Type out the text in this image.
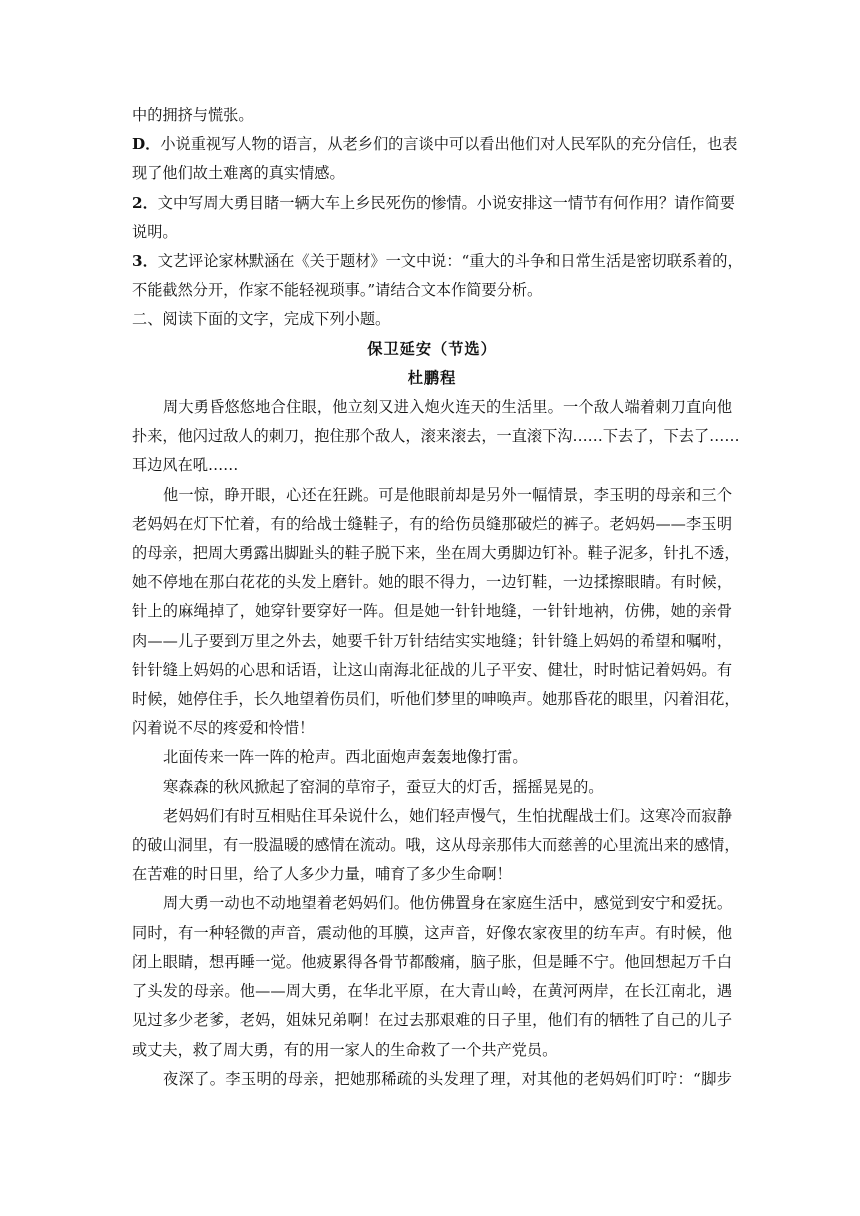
中的拥挤与慌张。

D．小说重视写人物的语言，从老乡们的言谈中可以看出他们对人民军队的充分信任，也表

现了他们故土难离的真实情感。

2．文中写周大勇目睹一辆大车上乡民死伤的惨情。小说安排这一情节有何作用？请作简要

说明。

3．文艺评论家林默涵在《关于题材》一文中说：“重大的斗争和日常生活是密切联系着的，

不能截然分开，作家不能轻视琐事。”请结合文本作简要分析。

二、阅读下面的文字，完成下列小题。

保卫延安（节选）

杜鹏程

周大勇昏悠悠地合住眼，他立刻又进入炮火连天的生活里。一个敌人端着刺刀直向他

扑来，他闪过敌人的刺刀，抱住那个敌人，滚来滚去，一直滚下沟……下去了，下去了……

耳边风在吼……

他一惊，睁开眼，心还在狂跳。可是他眼前却是另外一幅情景，李玉明的母亲和三个

老妈妈在灯下忙着，有的给战士缝鞋子，有的给伤员缝那破烂的裤子。老妈妈——李玉明

的母亲，把周大勇露出脚趾头的鞋子脱下来，坐在周大勇脚边钉补。鞋子泥多，针扎不透，

她不停地在那白花花的头发上磨针。她的眼不得力，一边钉鞋，一边揉擦眼睛。有时候，

针上的麻绳掉了，她穿针要穿好一阵。但是她一针针地缝，一针针地衲，仿佛，她的亲骨

肉——儿子要到万里之外去，她要千针万针结结实实地缝；针针缝上妈妈的希望和嘱咐，

针针缝上妈妈的心思和话语，让这山南海北征战的儿子平安、健壮，时时惦记着妈妈。有

时候，她停住手，长久地望着伤员们，听他们梦里的呻唤声。她那昏花的眼里，闪着泪花，

闪着说不尽的疼爱和怜惜！

北面传来一阵一阵的枪声。西北面炮声轰轰地像打雷。

寒森森的秋风掀起了窑洞的草帘子，蚕豆大的灯舌，摇摇晃晃的。

老妈妈们有时互相贴住耳朵说什么，她们轻声慢气，生怕扰醒战士们。这寒冷而寂静

的破山洞里，有一股温暖的感情在流动。哦，这从母亲那伟大而慈善的心里流出来的感情，

在苦难的时日里，给了人多少力量，哺育了多少生命啊！

周大勇一动也不动地望着老妈妈们。他仿佛置身在家庭生活中，感觉到安宁和爱抚。

同时，有一种轻微的声音，震动他的耳膜，这声音，好像农家夜里的纺车声。有时候，他

闭上眼睛，想再睡一觉。他疲累得各骨节都酸痛，脑子胀，但是睡不宁。他回想起万千白

了头发的母亲。他——周大勇，在华北平原，在大青山岭，在黄河两岸，在长江南北，遇

见过多少老爹，老妈，姐妹兄弟啊！在过去那艰难的日子里，他们有的牺牲了自己的儿子

或丈夫，救了周大勇，有的用一家人的生命救了一个共产党员。

夜深了。李玉明的母亲，把她那稀疏的头发理了理，对其他的老妈妈们叮咛：“脚步
